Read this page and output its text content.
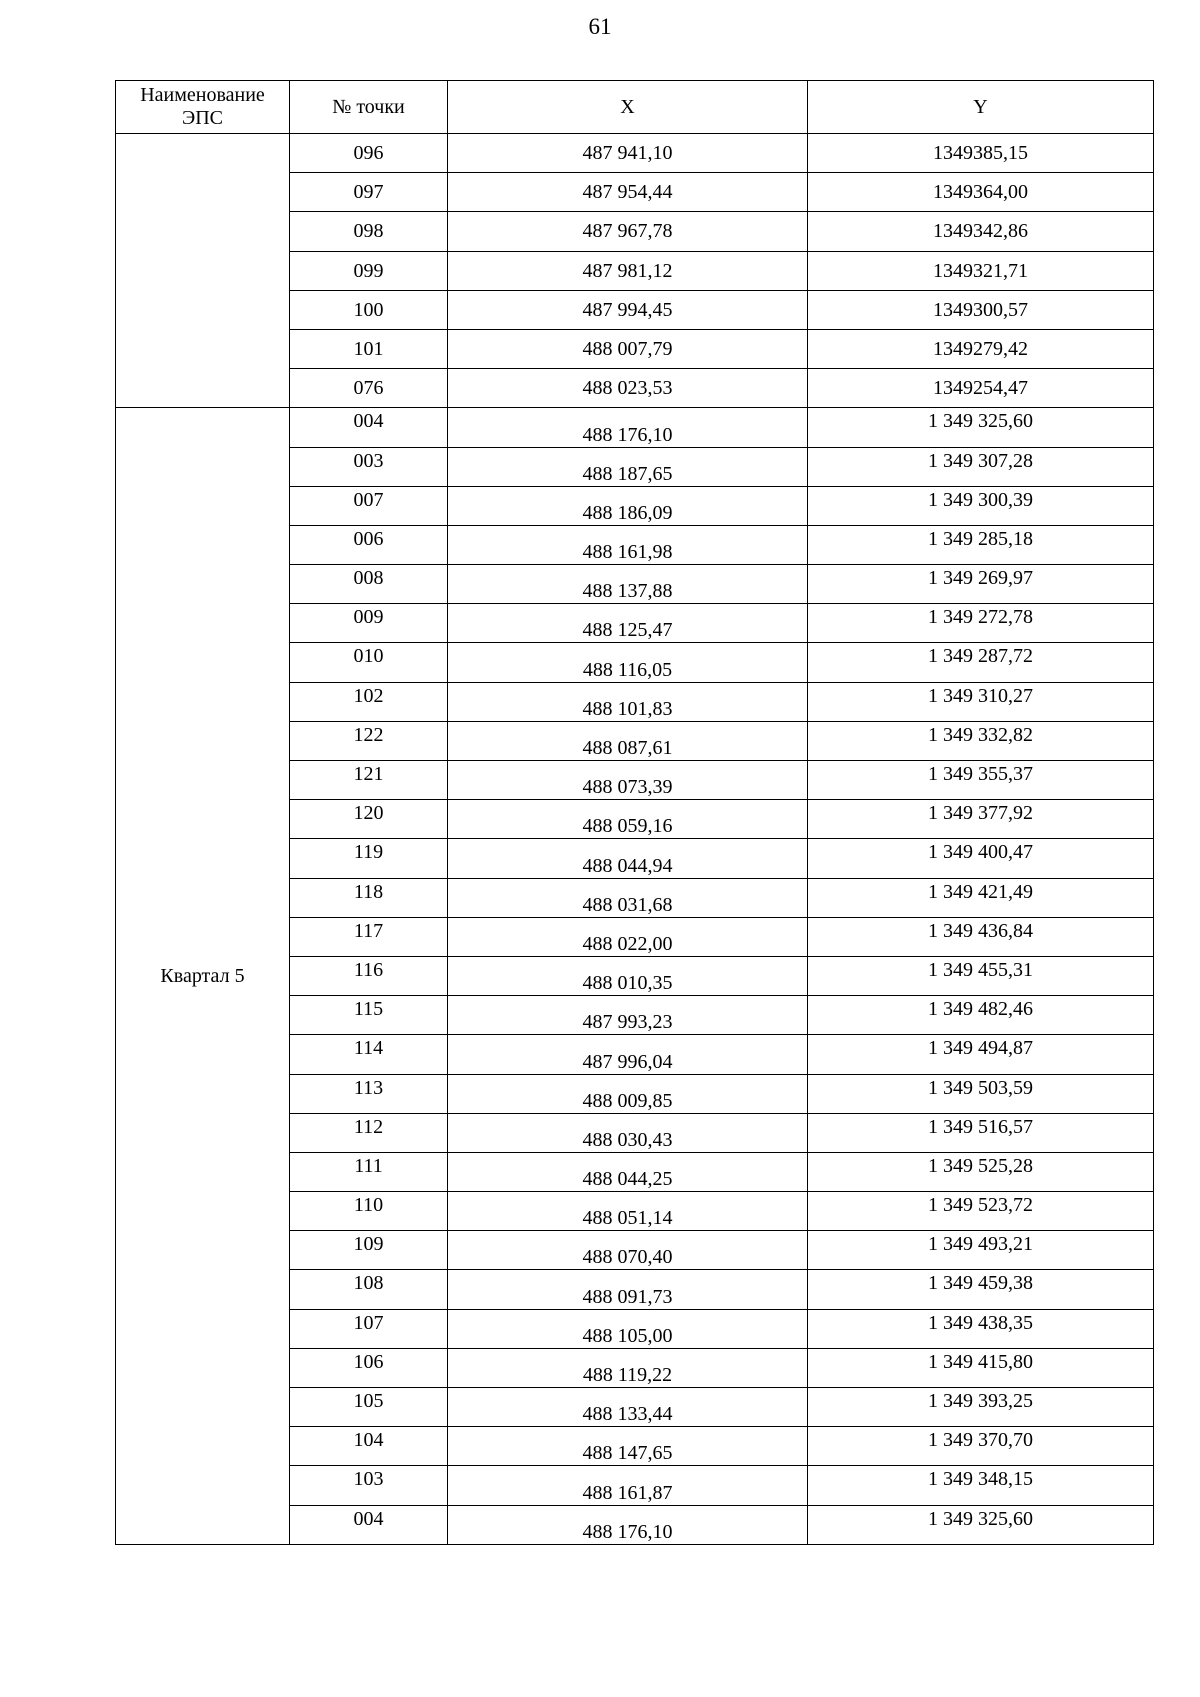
61
Наименование
ЭПС	№ точки	X	Y
	096	487 941,10	1349385,15
	097	487 954,44	1349364,00
	098	487 967,78	1349342,86
	099	487 981,12	1349321,71
	100	487 994,45	1349300,57
	101	488 007,79	1349279,42
	076	488 023,53	1349254,47
Квартал 5	004	488 176,10	1 349 325,60
	003	488 187,65	1 349 307,28
	007	488 186,09	1 349 300,39
	006	488 161,98	1 349 285,18
	008	488 137,88	1 349 269,97
	009	488 125,47	1 349 272,78
	010	488 116,05	1 349 287,72
	102	488 101,83	1 349 310,27
	122	488 087,61	1 349 332,82
	121	488 073,39	1 349 355,37
	120	488 059,16	1 349 377,92
	119	488 044,94	1 349 400,47
	118	488 031,68	1 349 421,49
	117	488 022,00	1 349 436,84
	116	488 010,35	1 349 455,31
	115	487 993,23	1 349 482,46
	114	487 996,04	1 349 494,87
	113	488 009,85	1 349 503,59
	112	488 030,43	1 349 516,57
	111	488 044,25	1 349 525,28
	110	488 051,14	1 349 523,72
	109	488 070,40	1 349 493,21
	108	488 091,73	1 349 459,38
	107	488 105,00	1 349 438,35
	106	488 119,22	1 349 415,80
	105	488 133,44	1 349 393,25
	104	488 147,65	1 349 370,70
	103	488 161,87	1 349 348,15
	004	488 176,10	1 349 325,60
